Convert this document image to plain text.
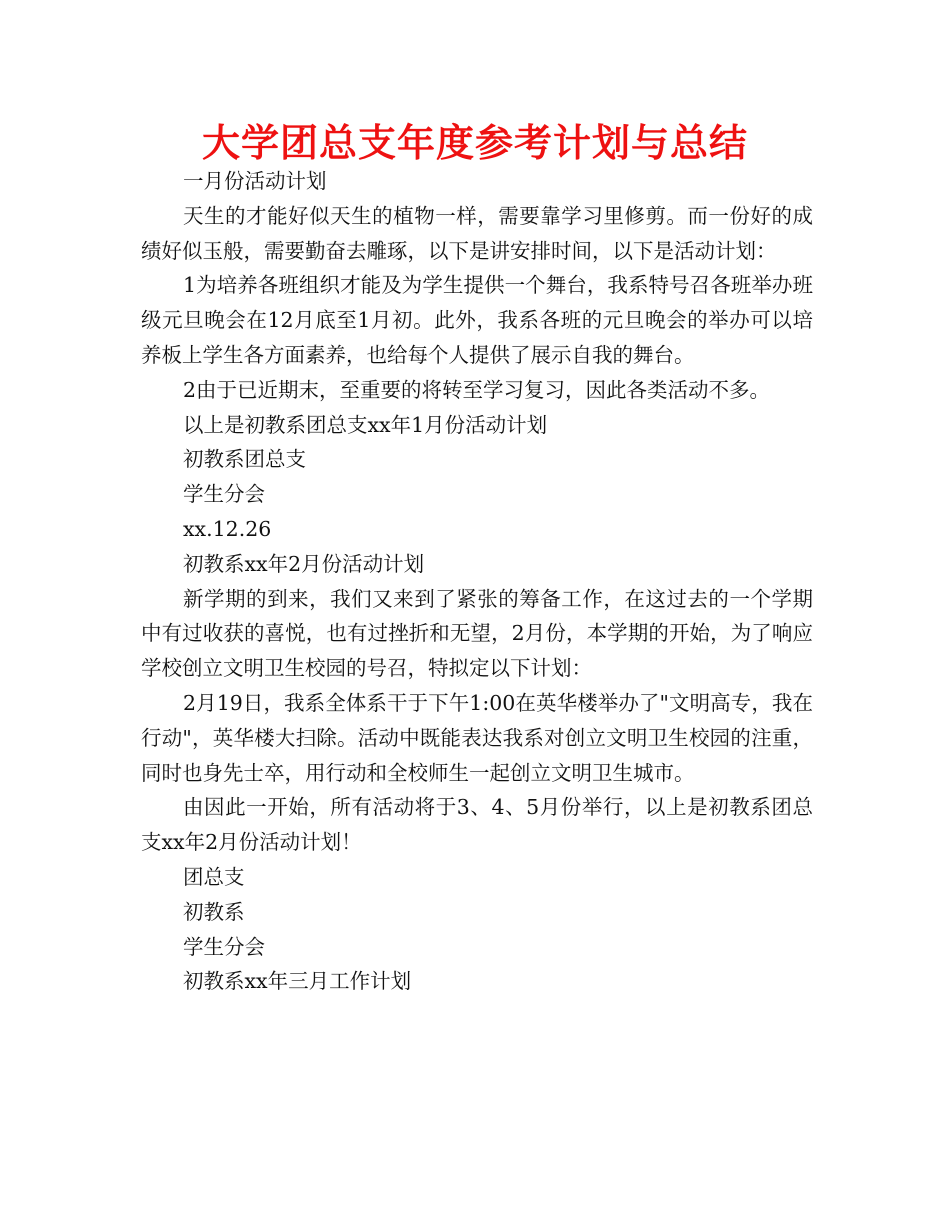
大学团总支年度参考计划与总结

一月份活动计划

天生的才能好似天生的植物一样，需要靠学习里修剪。而一份好的成绩好似玉般，需要勤奋去雕琢，以下是讲安排时间，以下是活动计划：

1为培养各班组织才能及为学生提供一个舞台，我系特号召各班举办班级元旦晚会在12月底至1月初。此外，我系各班的元旦晚会的举办可以培养板上学生各方面素养，也给每个人提供了展示自我的舞台。

2由于已近期末，至重要的将转至学习复习，因此各类活动不多。

以上是初教系团总支xx年1月份活动计划

初教系团总支

学生分会

xx.12.26

初教系xx年2月份活动计划

新学期的到来，我们又来到了紧张的筹备工作，在这过去的一个学期中有过收获的喜悦，也有过挫折和无望，2月份，本学期的开始，为了响应学校创立文明卫生校园的号召，特拟定以下计划：

2月19日，我系全体系干于下午1:00在英华楼举办了"文明高专，我在行动"，英华楼大扫除。活动中既能表达我系对创立文明卫生校园的注重，同时也身先士卒，用行动和全校师生一起创立文明卫生城市。

由因此一开始，所有活动将于3、4、5月份举行，以上是初教系团总支xx年2月份活动计划！

团总支

初教系

学生分会

初教系xx年三月工作计划
